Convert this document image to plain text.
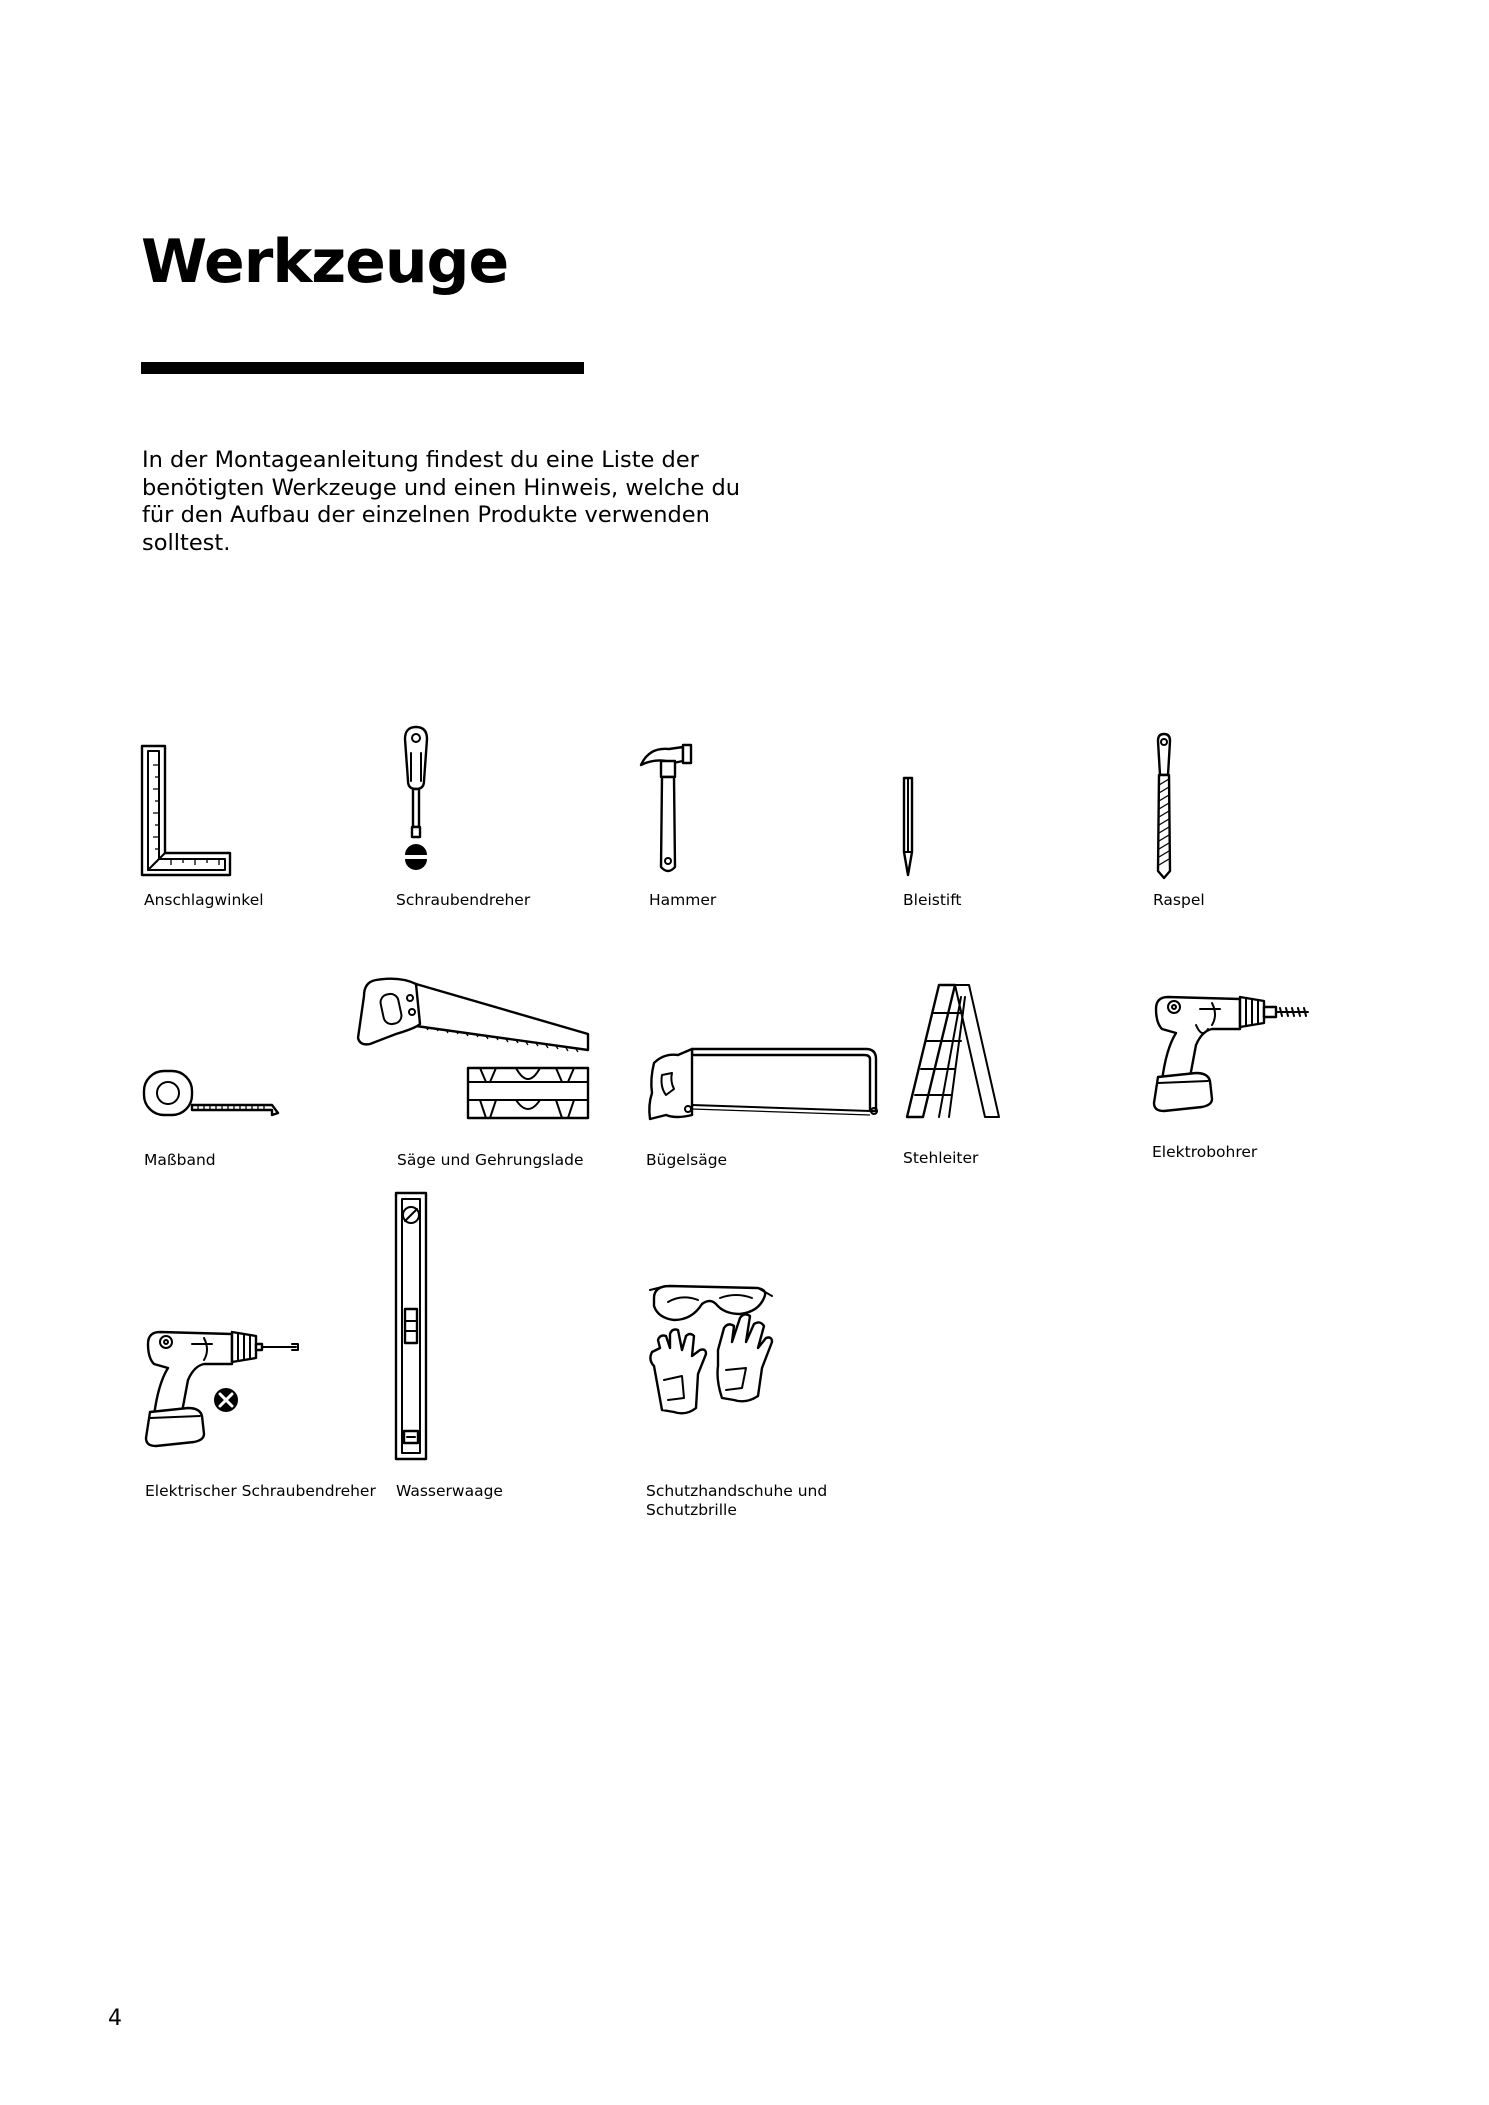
Werkzeuge

In der Montageanleitung findest du eine Liste der benötigten Werkzeuge und einen Hinweis, welche du für den Aufbau der einzelnen Produkte verwenden solltest.

Anschlagwinkel	Schraubendreher	Hammer	Bleistift	Raspel
Maßband	Säge und Gehrungslade	Bügelsäge	Stehleiter	Elektrobohrer
Elektrischer Schraubendreher Wasserwaage	Schutzhandschuhe und Schutzbrille
4
